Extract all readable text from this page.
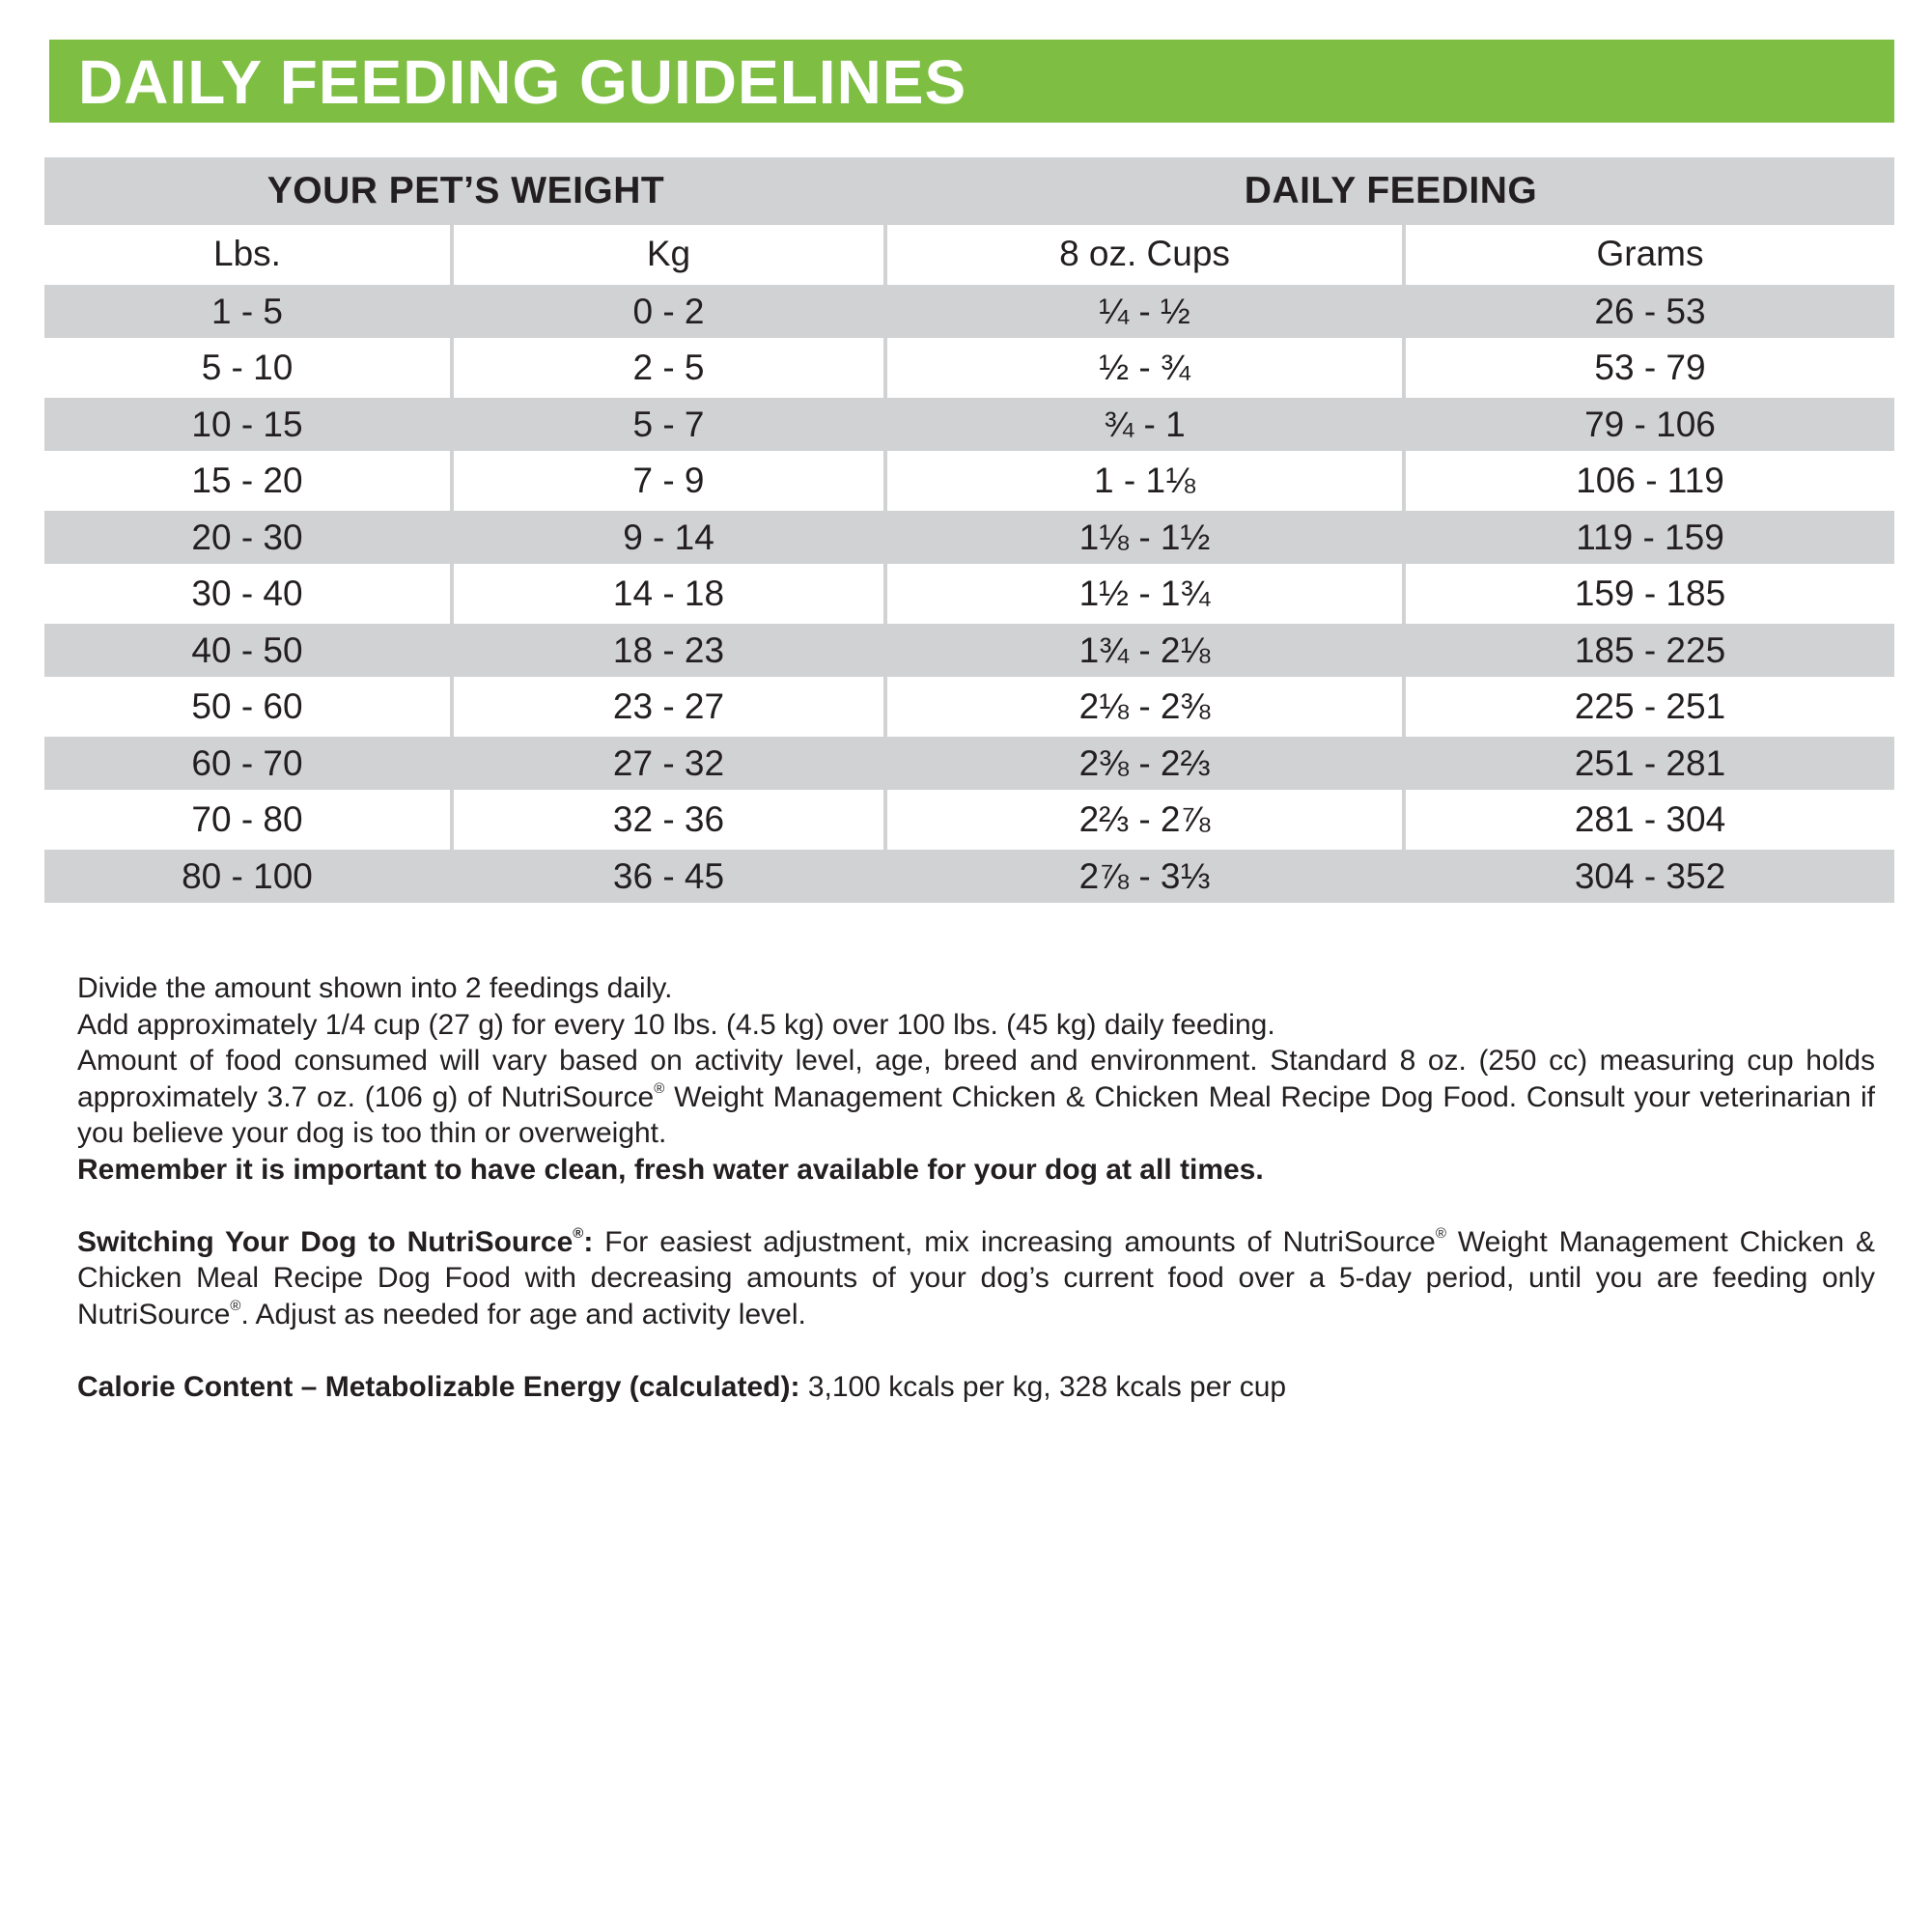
DAILY FEEDING GUIDELINES
YOUR PET’S WEIGHT	DAILY FEEDING
Lbs.	Kg	8 oz. Cups	Grams
1 - 5	0 - 2	¼ - ½	26 - 53
5 - 10	2 - 5	½ - ¾	53 - 79
10 - 15	5 - 7	¾ - 1	79 - 106
15 - 20	7 - 9	1 - 1⅛	106 - 119
20 - 30	9 - 14	1⅛ - 1½	119 - 159
30 - 40	14 - 18	1½ - 1¾	159 - 185
40 - 50	18 - 23	1¾ - 2⅛	185 - 225
50 - 60	23 - 27	2⅛ - 2⅜	225 - 251
60 - 70	27 - 32	2⅜ - 2⅔	251 - 281
70 - 80	32 - 36	2⅔ - 2⅞	281 - 304
80 - 100	36 - 45	2⅞ - 3⅓	304 - 352

Divide the amount shown into 2 feedings daily.

Add approximately 1/4 cup (27 g) for every 10 lbs. (4.5 kg) over 100 lbs. (45 kg) daily feeding.

Amount of food consumed will vary based on activity level, age, breed and environment. Standard 8 oz. (250 cc) measuring cup holds approximately 3.7 oz. (106 g) of NutriSource® Weight Management Chicken & Chicken Meal Recipe Dog Food. Consult your veterinarian if you believe your dog is too thin or overweight.

Remember it is important to have clean, fresh water available for your dog at all times.

Switching Your Dog to NutriSource®: For easiest adjustment, mix increasing amounts of NutriSource® Weight Management Chicken & Chicken Meal Recipe Dog Food with decreasing amounts of your dog’s current food over a 5-day period, until you are feeding only NutriSource®. Adjust as needed for age and activity level.

Calorie Content – Metabolizable Energy (calculated): 3,100 kcals per kg, 328 kcals per cup
